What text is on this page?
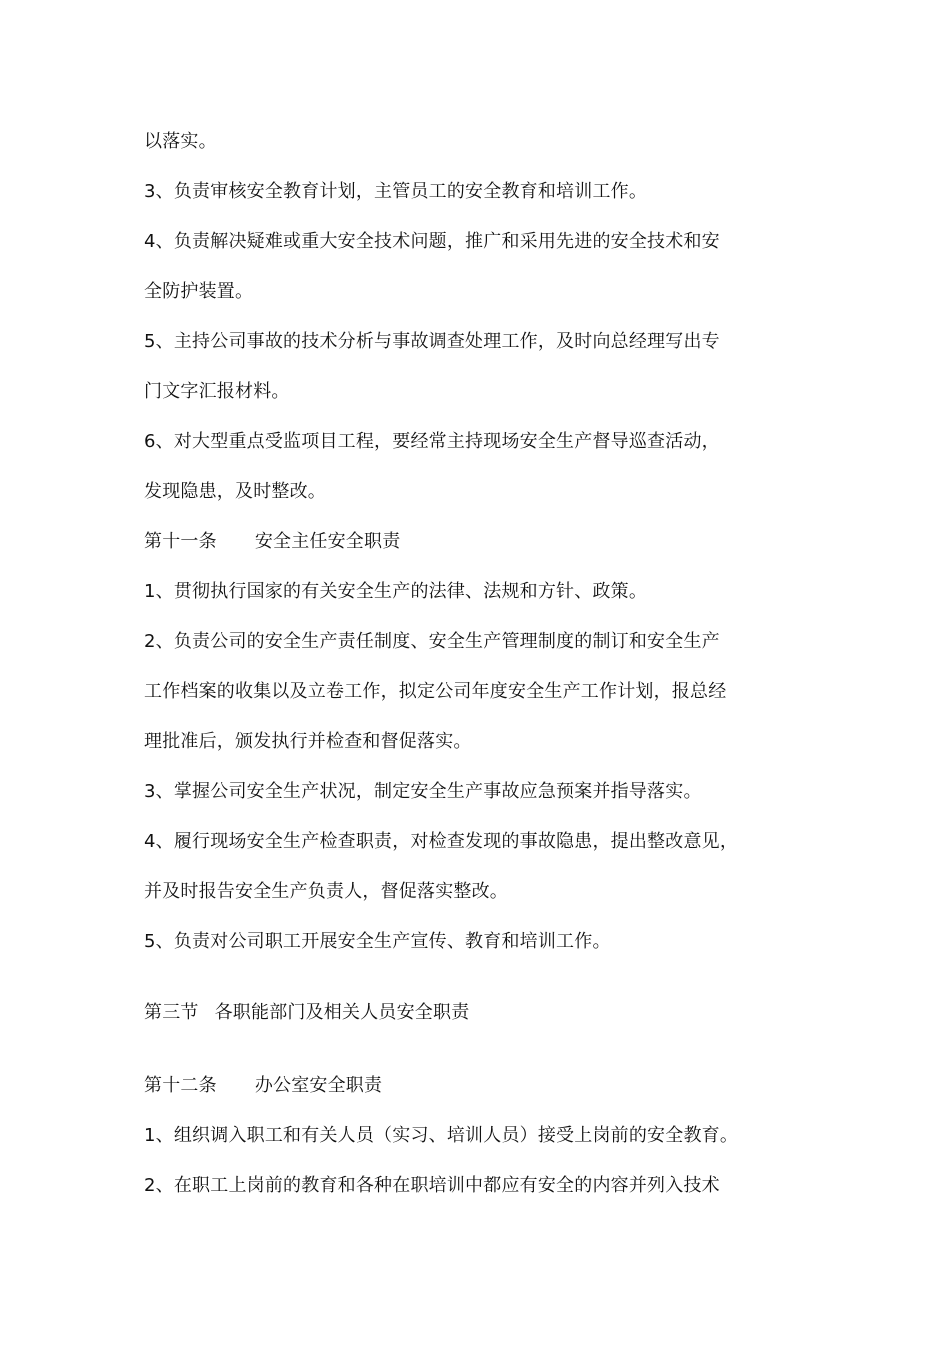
以落实。
3、负责审核安全教育计划，主管员工的安全教育和培训工作。
4、负责解决疑难或重大安全技术问题，推广和采用先进的安全技术和安
全防护装置。
5、主持公司事故的技术分析与事故调查处理工作，及时向总经理写出专
门文字汇报材料。
6、对大型重点受监项目工程，要经常主持现场安全生产督导巡查活动，
发现隐患，及时整改。
第十一条 安全主任安全职责
1、贯彻执行国家的有关安全生产的法律、法规和方针、政策。
2、负责公司的安全生产责任制度、安全生产管理制度的制订和安全生产
工作档案的收集以及立卷工作，拟定公司年度安全生产工作计划，报总经
理批准后，颁发执行并检查和督促落实。
3、掌握公司安全生产状况，制定安全生产事故应急预案并指导落实。
4、履行现场安全生产检查职责，对检查发现的事故隐患，提出整改意见，
并及时报告安全生产负责人，督促落实整改。
5、负责对公司职工开展安全生产宣传、教育和培训工作。
第三节 各职能部门及相关人员安全职责
第十二条 办公室安全职责
1、组织调入职工和有关人员（实习、培训人员）接受上岗前的安全教育。
2、在职工上岗前的教育和各种在职培训中都应有安全的内容并列入技术
